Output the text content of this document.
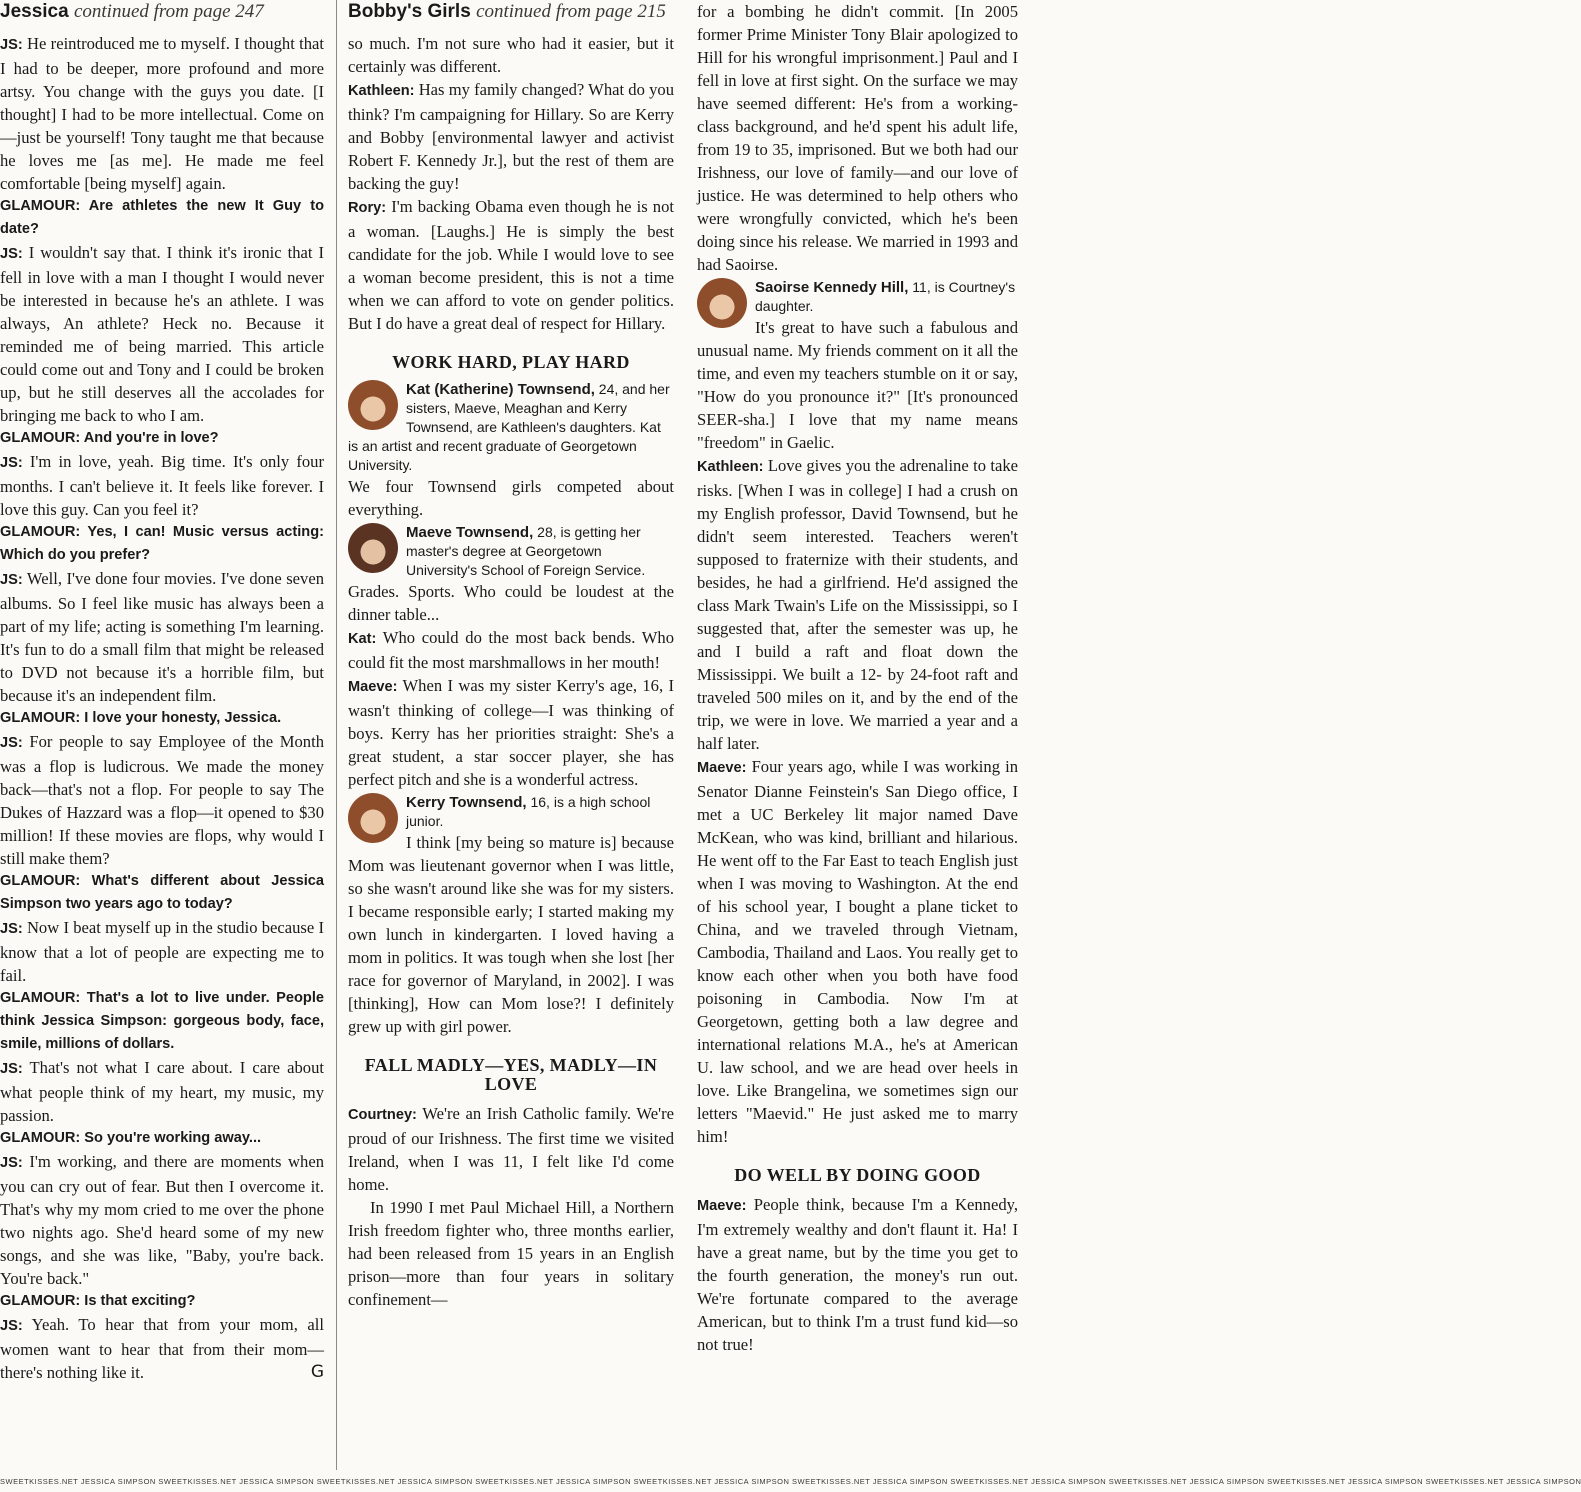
Jessica continued from page 247

JS: He reintroduced me to myself. I thought that I had to be deeper, more profound and more artsy. You change with the guys you date. [I thought] I had to be more intellectual. Come on—just be yourself! Tony taught me that because he loves me [as me]. He made me feel comfortable [being myself] again.

GLAMOUR: Are athletes the new It Guy to date?

JS: I wouldn't say that. I think it's ironic that I fell in love with a man I thought I would never be interested in because he's an athlete. I was always, An athlete? Heck no. Because it reminded me of being married. This article could come out and Tony and I could be broken up, but he still deserves all the accolades for bringing me back to who I am.

GLAMOUR: And you're in love?

JS: I'm in love, yeah. Big time. It's only four months. I can't believe it. It feels like forever. I love this guy. Can you feel it?

GLAMOUR: Yes, I can! Music versus acting: Which do you prefer?

JS: Well, I've done four movies. I've done seven albums. So I feel like music has always been a part of my life; acting is something I'm learning. It's fun to do a small film that might be released to DVD not because it's a horrible film, but because it's an independent film.

GLAMOUR: I love your honesty, Jessica.

JS: For people to say Employee of the Month was a flop is ludicrous. We made the money back—that's not a flop. For people to say The Dukes of Hazzard was a flop—it opened to $30 million! If these movies are flops, why would I still make them?

GLAMOUR: What's different about Jessica Simpson two years ago to today?

JS: Now I beat myself up in the studio because I know that a lot of people are expecting me to fail.

GLAMOUR: That's a lot to live under. People think Jessica Simpson: gorgeous body, face, smile, millions of dollars.

JS: That's not what I care about. I care about what people think of my heart, my music, my passion.

GLAMOUR: So you're working away...

JS: I'm working, and there are moments when you can cry out of fear. But then I overcome it. That's why my mom cried to me over the phone two nights ago. She'd heard some of my new songs, and she was like, "Baby, you're back. You're back."

GLAMOUR: Is that exciting?

JS: Yeah. To hear that from your mom, all women want to hear that from their mom—there's nothing like it.	G

Bobby's Girls continued from page 215

so much. I'm not sure who had it easier, but it certainly was different.

Kathleen: Has my family changed? What do you think? I'm campaigning for Hillary. So are Kerry and Bobby [environmental lawyer and activist Robert F. Kennedy Jr.], but the rest of them are backing the guy!

Rory: I'm backing Obama even though he is not a woman. [Laughs.] He is simply the best candidate for the job. While I would love to see a woman become president, this is not a time when we can afford to vote on gender politics. But I do have a great deal of respect for Hillary.

WORK HARD, PLAY HARD
Kat (Katherine) Townsend, 24, and her sisters, Maeve, Meaghan and Kerry Townsend, are Kathleen's daughters. Kat is an artist and recent graduate of Georgetown University.

We four Townsend girls competed about everything.

Maeve Townsend, 28, is getting her master's degree at Georgetown University's School of Foreign Service.

Grades. Sports. Who could be loudest at the dinner table...

Kat: Who could do the most back bends. Who could fit the most marshmallows in her mouth!

Maeve: When I was my sister Kerry's age, 16, I wasn't thinking of college—I was thinking of boys. Kerry has her priorities straight: She's a great student, a star soccer player, she has perfect pitch and she is a wonderful actress.

Kerry Townsend, 16, is a high school junior.

I think [my being so mature is] because Mom was lieutenant governor when I was little, so she wasn't around like she was for my sisters. I became responsible early; I started making my own lunch in kindergarten. I loved having a mom in politics. It was tough when she lost [her race for governor of Maryland, in 2002]. I was [thinking], How can Mom lose?! I definitely grew up with girl power.

FALL MADLY—YES, MADLY—IN LOVE

Courtney: We're an Irish Catholic family. We're proud of our Irishness. The first time we visited Ireland, when I was 11, I felt like I'd come home.

In 1990 I met Paul Michael Hill, a Northern Irish freedom fighter who, three months earlier, had been released from 15 years in an English prison—more than four years in solitary confinement—

for a bombing he didn't commit. [In 2005 former Prime Minister Tony Blair apologized to Hill for his wrongful imprisonment.] Paul and I fell in love at first sight. On the surface we may have seemed different: He's from a working-class background, and he'd spent his adult life, from 19 to 35, imprisoned. But we both had our Irishness, our love of family—and our love of justice. He was determined to help others who were wrongfully convicted, which he's been doing since his release. We married in 1993 and had Saoirse.

Saoirse Kennedy Hill, 11, is Courtney's daughter.

It's great to have such a fabulous and unusual name. My friends comment on it all the time, and even my teachers stumble on it or say, "How do you pronounce it?" [It's pronounced SEER-sha.] I love that my name means "freedom" in Gaelic.

Kathleen: Love gives you the adrenaline to take risks. [When I was in college] I had a crush on my English professor, David Townsend, but he didn't seem interested. Teachers weren't supposed to fraternize with their students, and besides, he had a girlfriend. He'd assigned the class Mark Twain's Life on the Mississippi, so I suggested that, after the semester was up, he and I build a raft and float down the Mississippi. We built a 12- by 24-foot raft and traveled 500 miles on it, and by the end of the trip, we were in love. We married a year and a half later.

Maeve: Four years ago, while I was working in Senator Dianne Feinstein's San Diego office, I met a UC Berkeley lit major named Dave McKean, who was kind, brilliant and hilarious. He went off to the Far East to teach English just when I was moving to Washington. At the end of his school year, I bought a plane ticket to China, and we traveled through Vietnam, Cambodia, Thailand and Laos. You really get to know each other when you both have food poisoning in Cambodia. Now I'm at Georgetown, getting both a law degree and international relations M.A., he's at American U. law school, and we are head over heels in love. Like Brangelina, we sometimes sign our letters "Maevid." He just asked me to marry him!

DO WELL BY DOING GOOD

Maeve: People think, because I'm a Kennedy, I'm extremely wealthy and don't flaunt it. Ha! I have a great name, but by the time you get to the fourth generation, the money's run out. We're fortunate compared to the average American, but to think I'm a trust fund kid—so not true!

SWEETKISSES.NET JESSICA SIMPSON SWEETKISSES.NET JESSICA SIMPSON SWEETKISSES.NET JESSICA SIMPSON SWEETKISSES.NET JESSICA SIMPSON SWEETKISSES.NET JESSICA SIMPSON SWEETKISSES.NET JESSICA SIMPSON SWEETKISSES.NET JESSICA SIMPSON SWEETKISSES.NET JESSICA SIMPSON SWEETKISSES.NET JESSICA SIMPSON SWEETKISSES.NET JESSICA SIMPSON
